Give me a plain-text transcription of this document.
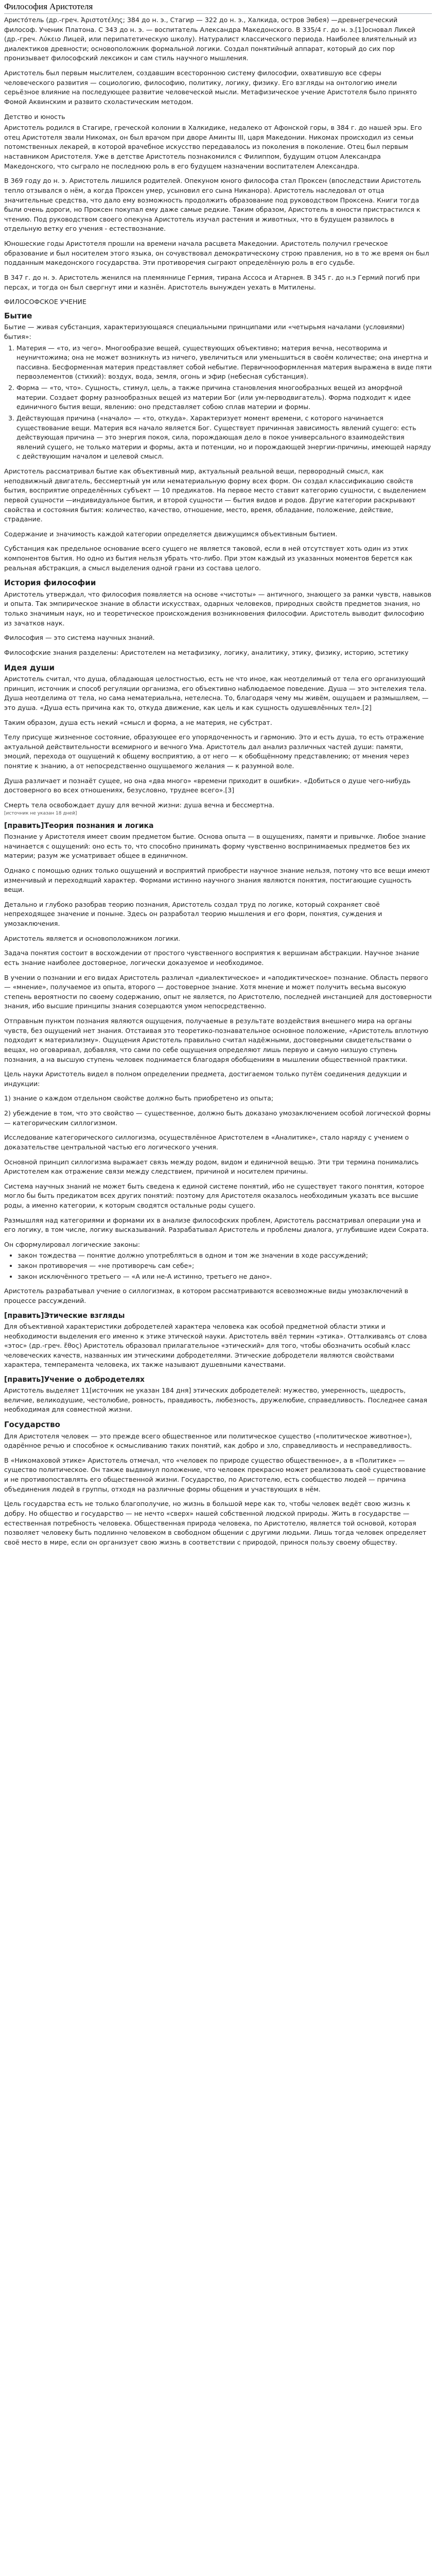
Философия Аристотеля

Аристо́тель (др.-греч. Ἀριστοτέλης; 384 до н. э., Стагир — 322 до н. э., Халкида, остров Эвбея) —древнегреческий философ. Ученик Платона. С 343 до н. э. — воспитатель Александра Македонского. В 335/4 г. до н. э.[1]основал Ликей (др.-греч. Λύκειο Лицей, или перипатетическую школу). Натуралист классического периода. Наиболее влиятельный из диалектиков древности; основоположник формальной логики. Создал понятийный аппарат, который до сих пор пронизывает философский лексикон и сам стиль научного мышления.

Аристотель был первым мыслителем, создавшим всесторонною систему философии, охватившую все сферы человеческого развития — социологию, философию, политику, логику, физику. Его взгляды на онтологию имели серьёзное влияние на последующее развитие человеческой мысли. Метафизическое учение Аристотеля было принято Фомой Аквинским и развито схоластическим методом.

Детство и юность

Аристотель родился в Стагире, греческой колонии в Халкидике, недалеко от Афонской горы, в 384 г. до нашей эры. Его отец Аристотеля звали Никомах, он был врачом при дворе Аминты III, царя Македонии. Никомах происходил из семьи потомственных лекарей, в которой врачебное искусство передавалось из поколения в поколение. Отец был первым наставником Аристотеля. Уже в детстве Аристотель познакомился с Филиппом, будущим отцом Александра Македонского, что сыграло не последнюю роль в его будущем назначении воспитателем Александра.

В 369 году до н. э. Аристотель лишился родителей. Опекуном юного философа стал Проксен (впоследствии Аристотель тепло отзывался о нём, а когда Проксен умер, усыновил его сына Никанора). Аристотель наследовал от отца значительные средства, что дало ему возможность продолжить образование под руководством Проксена. Книги тогда были очень дороги, но Проксен покупал ему даже самые редкие. Таким образом, Аристотель в юности пристрастился к чтению. Под руководством своего опекуна Аристотель изучал растения и животных, что в будущем развилось в отдельную ветку его учения - естествознание.

Юношеские годы Аристотеля прошли на времени начала расцвета Македонии. Аристотель получил греческое образование и был носителем этого языка, он сочувствовал демократическому строю правления, но в то же время он был подданным македонского государства. Эти противоречия сыграют определённую роль в его судьбе.

В 347 г. до н. э. Аристотель женился на племяннице Гермия, тирана Ассоса и Атарнея. В 345 г. до н.э Гермий погиб при персах, и тогда он был свергнут ими и казнён. Аристотель вынужден уехать в Митилены.

ФИЛОСОФСКОЕ УЧЕНИЕ
Бытие

Бытие — живая субстанция, характеризующаяся специальными принципами или «четырьмя началами (условиями) бытия»:

1. Материя — «то, из чего». Многообразие вещей, существующих объективно; материя вечна, несотворима и неуничтожима; она не может возникнуть из ничего, увеличиться или уменьшиться в своём количестве; она инертна и пассивна. Бесформенная материя представляет собой небытие. Первичнооформленная материя выражена в виде пяти первоэлементов (стихий): воздух, вода, земля, огонь и эфир (небесная субстанция).
2. Форма — «то, что». Сущность, стимул, цель, а также причина становления многообразных вещей из аморфной материи. Создает форму разнообразных вещей из материи Бог (или ум-перводвигатель). Форма подходит к идее единичного бытия вещи, явлению: оно представляет собою сплав материи и формы.
3. Действующая причина («начало» — «то, откуда». Характеризует момент времени, с которого начинается существование вещи. Материя вся начало является Бог. Существует причинная зависимость явлений сущего: есть действующая причина — это энергия покоя, сила, порождающая дело в покое универсального взаимодействия явлений сущего, не только материи и формы, акта и потенции, но и порождающей энергии-причины, имеющей наряду с действующим началом и целевой смысл.

Аристотель рассматривал бытие как объективный мир, актуальный реальной вещи, первородный смысл, как неподвижный двигатель, бессмертный ум или нематериальную форму всех форм. Он создал классификацию свойств бытия, восприятие определённых субъект — 10 предикатов. На первое место ставит категорию сущности, с выделением первой сущности —индивидуальное бытия, и второй сущности — бытия видов и родов. Другие категории раскрывают свойства и состояния бытия: количество, качество, отношение, место, время, обладание, положение, действие, страдание.

Содержание и значимость каждой категории определяется движущимся объективным бытием.

Субстанция как предельное основание всего сущего не является таковой, если в ней отсутствует хоть один из этих компонентов бытия. Но одно из бытия нельзя убрать что-либо. При этом каждый из указанных моментов берется как реальная абстракция, а смысл выделения одной грани из состава целого.

История философии

Аристотель утверждал, что философия появляется на основе «чистоты» — античного, знающего за рамки чувств, навыков и опыта. Так эмпирическое знание в области искусствах, одарных человеков, природных свойств предметов знания, но только значимым наук, но и теоретическое происхождения возникновения философии. Аристотель выводит философию из зачатков наук.

Философия — это система научных знаний.

Философские знания разделены: Аристотелем на метафизику, логику, аналитику, этику, физику, историю, эстетику

Идея души

Аристотель считал, что душа, обладающая целостностью, есть не что иное, как неотделимый от тела его организующий принцип, источник и способ регуляции организма, его объективно наблюдаемое поведение. Душа — это энтелехия тела. Душа неотделима от тела, но сама нематериальна, нетелесна. То, благодаря чему мы живём, ощущаем и размышляем, — это душа. «Душа есть причина как то, откуда движение, как цель и как сущность одушевлённых тел».[2]

Таким образом, душа есть некий «смысл и форма, а не материя, не субстрат.

Телу присуще жизненное состояние, образующее его упорядоченность и гармонию. Это и есть душа, то есть отражение актуальной действительности всемирного и вечного Ума. Аристотель дал анализ различных частей души: памяти, эмоций, перехода от ощущений к общему восприятию, а от него — к обобщённому представлению; от мнения через понятие к знанию, а от непосредственно ощущаемого желания — к разумной воле.

Душа различает и познаёт сущее, но она «два много» «времени приходит в ошибки». «Добиться о душе чего-нибудь достоверного во всех отношениях, безусловно, труднее всего».[3]

Смерть тела освобождает душу для вечной жизни: душа вечна и бессмертна.

[источник не указан 18 дней]
[править]Теория познания и логика

Познание у Аристотеля имеет своим предметом бытие. Основа опыта — в ощущениях, памяти и привычке. Любое знание начинается с ощущений: оно есть то, что способно принимать форму чувственно воспринимаемых предметов без их материи; разум же усматривает общее в единичном.

Однако с помощью одних только ощущений и восприятий приобрести научное знание нельзя, потому что все вещи имеют изменчивый и переходящий характер. Формами истинно научного знания являются понятия, постигающие сущность вещи.

Детально и глубоко разобрав теорию познания, Аристотель создал труд по логике, который сохраняет своё непреходящее значение и поныне. Здесь он разработал теорию мышления и его форм, понятия, суждения и умозаключения.

Аристотель является и основоположником логики.

Задача понятия состоит в восхождении от простого чувственного восприятия к вершинам абстракции. Научное знание есть знание наиболее достоверное, логически доказуемое и необходимое.

В учении о познании и его видах Аристотель различал «диалектическое» и «аподиктическое» познание. Область первого — «мнение», получаемое из опыта, второго — достоверное знание. Хотя мнение и может получить весьма высокую степень вероятности по своему содержанию, опыт не является, по Аристотелю, последней инстанцией для достоверности знания, ибо высшие принципы знания созерцаются умом непосредственно.

Отправным пунктом познания являются ощущения, получаемые в результате воздействия внешнего мира на органы чувств, без ощущений нет знания. Отстаивая это теоретико-познавательное основное положение, «Аристотель вплотную подходит к материализму». Ощущения Аристотель правильно считал надёжными, достоверными свидетельствами о вещах, но оговаривал, добавляя, что сами по себе ощущения определяют лишь первую и самую низшую ступень познания, а на высшую ступень человек поднимается благодаря обобщениям в мышлении общественной практики.

Цель науки Аристотель видел в полном определении предмета, достигаемом только путём соединения дедукции и индукции:

1) знание о каждом отдельном свойстве должно быть приобретено из опыта;

2) убеждение в том, что это свойство — существенное, должно быть доказано умозаключением особой логической формы — категорическим силлогизмом.

Исследование категорического силлогизма, осуществлённое Аристотелем в «Аналитике», стало наряду с учением о доказательстве центральной частью его логического учения.

Основной принцип силлогизма выражает связь между родом, видом и единичной вещью. Эти три термина понимались Аристотелем как отражение связи между следствием, причиной и носителем причины.

Система научных знаний не может быть сведена к единой системе понятий, ибо не существует такого понятия, которое могло бы быть предикатом всех других понятий: поэтому для Аристотеля оказалось необходимым указать все высшие роды, а именно категории, к которым сводятся остальные роды сущего.

Размышляя над категориями и формами их в анализе философских проблем, Аристотель рассматривал операции ума и его логику, в том числе, логику высказываний. Разрабатывал Аристотель и проблемы диалога, углубившие идеи Сократа.

Он сформулировал логические законы:

• закон тождества — понятие должно употребляться в одном и том же значении в ходе рассуждений;
• закон противоречия — «не противоречь сам себе»;
• закон исключённого третьего — «А или не-А истинно, третьего не дано».

Аристотель разрабатывал учение о силлогизмах, в котором рассматриваются всевозможные виды умозаключений в процессе рассуждений.

[править]Этические взгляды

Для объективной характеристики добродетелей характера человека как особой предметной области этики и необходимости выделения его именно к этике этической науки. Аристотель ввёл термин «этика». Отталкиваясь от слова «этос» (др.-греч. ἔθος) Аристотель образовал прилагательное «этический» для того, чтобы обозначить особый класс человеческих качеств, названных им этическими добродетелями. Этические добродетели являются свойствами характера, темперамента человека, их также называют душевными качествами.

[править]Учение о добродетелях

Аристотель выделяет 11[источник не указан 184 дня] этических добродетелей: мужество, умеренность, щедрость, величие, великодушие, честолюбие, ровность, правдивость, любезность, дружелюбие, справедливость. Последнее самая необходимая для совместной жизни.

Государство

Для Аристотеля человек — это прежде всего общественное или политическое существо («политическое животное»), одарённое речью и способное к осмысливанию таких понятий, как добро и зло, справедливость и несправедливость.

В «Никомаховой этике» Аристотель отмечал, что «человек по природе существо общественное», а в «Политике» — существо политическое. Он также выдвинул положение, что человек прекрасно может реализовать своё существование и не противопоставлять его общественной жизни. Государство, по Аристотелю, есть сообщество людей — причина объединения людей в группы, отходя на различные формы общения и участвующих в нём.

Цель государства есть не только благополучие, но жизнь в большой мере как то, чтобы человек ведёт свою жизнь к добру. Но общество и государство — не нечто «сверх» нашей собственной людской природы. Жить в государстве — естественная потребность человека. Общественная природа человека, по Аристотелю, является той основой, которая позволяет человеку быть подлинно человеком в свободном общении с другими людьми. Лишь тогда человек определяет своё место в мире, если он организует свою жизнь в соответствии с природой, принося пользу своему обществу.
